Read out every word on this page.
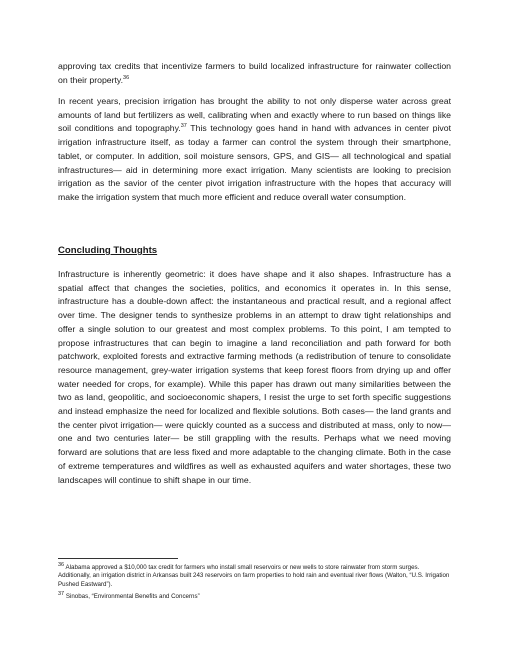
approving tax credits that incentivize farmers to build localized infrastructure for rainwater collection on their property.$^{36}$

In recent years, precision irrigation has brought the ability to not only disperse water across great amounts of land but fertilizers as well, calibrating when and exactly where to run based on things like soil conditions and topography.$^{37}$ This technology goes hand in hand with advances in center pivot irrigation infrastructure itself, as today a farmer can control the system through their smartphone, tablet, or computer. In addition, soil moisture sensors, GPS, and GIS— all technological and spatial infrastructures— aid in determining more exact irrigation. Many scientists are looking to precision irrigation as the savior of the center pivot irrigation infrastructure with the hopes that accuracy will make the irrigation system that much more efficient and reduce overall water consumption.

Concluding Thoughts

Infrastructure is inherently geometric: it does have shape and it also shapes. Infrastructure has a spatial affect that changes the societies, politics, and economics it operates in. In this sense, infrastructure has a double-down affect: the instantaneous and practical result, and a regional affect over time. The designer tends to synthesize problems in an attempt to draw tight relationships and offer a single solution to our greatest and most complex problems. To this point, I am tempted to propose infrastructures that can begin to imagine a land reconciliation and path forward for both patchwork, exploited forests and extractive farming methods (a redistribution of tenure to consolidate resource management, grey-water irrigation systems that keep forest floors from drying up and offer water needed for crops, for example). While this paper has drawn out many similarities between the two as land, geopolitic, and socioeconomic shapers, I resist the urge to set forth specific suggestions and instead emphasize the need for localized and flexible solutions. Both cases— the land grants and the center pivot irrigation— were quickly counted as a success and distributed at mass, only to now—one and two centuries later— be still grappling with the results. Perhaps what we need moving forward are solutions that are less fixed and more adaptable to the changing climate. Both in the case of extreme temperatures and wildfires as well as exhausted aquifers and water shortages, these two landscapes will continue to shift shape in our time.

$^{36}$ Alabama approved a $10,000 tax credit for farmers who install small reservoirs or new wells to store rainwater from storm surges. Additionally, an irrigation district in Arkansas built 243 reservoirs on farm properties to hold rain and eventual river flows (Walton, “U.S. Irrigation Pushed Eastward”).

$^{37}$ Sinobas, “Environmental Benefits and Concerns”
